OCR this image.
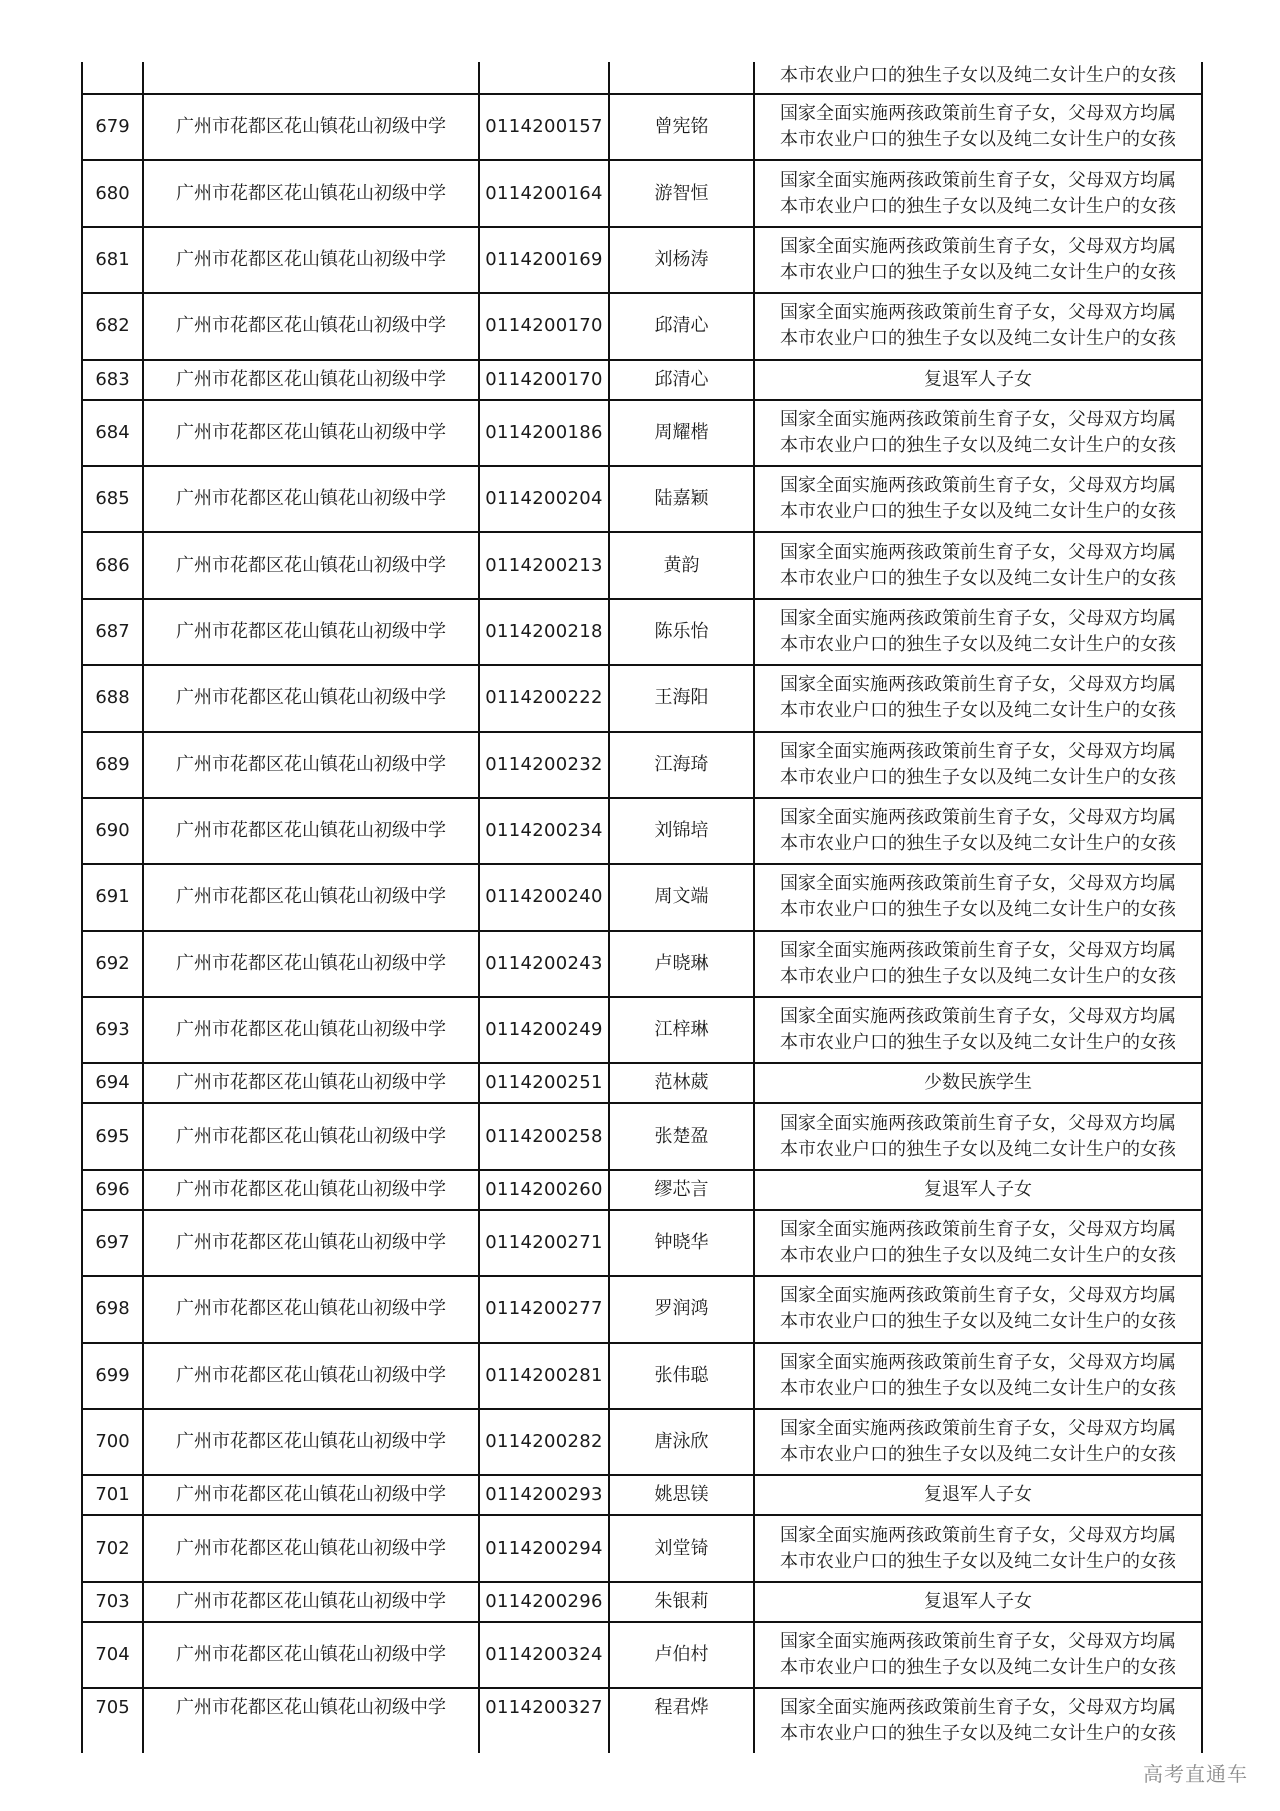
本市农业户口的独生子女以及纯二女计生户的女孩
679	广州市花都区花山镇花山初级中学 0114200157	曾宪铭
国家全面实施两孩政策前生育子女，父母双方均属
本市农业户口的独生子女以及纯二女计生户的女孩
680	广州市花都区花山镇花山初级中学 0114200164	游智恒
国家全面实施两孩政策前生育子女，父母双方均属
本市农业户口的独生子女以及纯二女计生户的女孩
681	广州市花都区花山镇花山初级中学 0114200169	刘杨涛
国家全面实施两孩政策前生育子女，父母双方均属
本市农业户口的独生子女以及纯二女计生户的女孩
682	广州市花都区花山镇花山初级中学 0114200170	邱清心
国家全面实施两孩政策前生育子女，父母双方均属
本市农业户口的独生子女以及纯二女计生户的女孩
683	广州市花都区花山镇花山初级中学 0114200170	邱清心	复退军人子女
684	广州市花都区花山镇花山初级中学 0114200186	周耀楷
国家全面实施两孩政策前生育子女，父母双方均属
本市农业户口的独生子女以及纯二女计生户的女孩
685	广州市花都区花山镇花山初级中学 0114200204	陆嘉颖
国家全面实施两孩政策前生育子女，父母双方均属
本市农业户口的独生子女以及纯二女计生户的女孩
686	广州市花都区花山镇花山初级中学 0114200213	黄韵
国家全面实施两孩政策前生育子女，父母双方均属
本市农业户口的独生子女以及纯二女计生户的女孩
687	广州市花都区花山镇花山初级中学 0114200218	陈乐怡
国家全面实施两孩政策前生育子女，父母双方均属
本市农业户口的独生子女以及纯二女计生户的女孩
688	广州市花都区花山镇花山初级中学 0114200222	王海阳
国家全面实施两孩政策前生育子女，父母双方均属
本市农业户口的独生子女以及纯二女计生户的女孩
689	广州市花都区花山镇花山初级中学 0114200232	江海琦
国家全面实施两孩政策前生育子女，父母双方均属
本市农业户口的独生子女以及纯二女计生户的女孩
690	广州市花都区花山镇花山初级中学 0114200234	刘锦培
国家全面实施两孩政策前生育子女，父母双方均属
本市农业户口的独生子女以及纯二女计生户的女孩
691	广州市花都区花山镇花山初级中学 0114200240	周文端
国家全面实施两孩政策前生育子女，父母双方均属
本市农业户口的独生子女以及纯二女计生户的女孩
692	广州市花都区花山镇花山初级中学 0114200243	卢晓琳
国家全面实施两孩政策前生育子女，父母双方均属
本市农业户口的独生子女以及纯二女计生户的女孩
693	广州市花都区花山镇花山初级中学 0114200249	江梓琳
国家全面实施两孩政策前生育子女，父母双方均属
本市农业户口的独生子女以及纯二女计生户的女孩
694	广州市花都区花山镇花山初级中学 0114200251	范林葳	少数民族学生
695	广州市花都区花山镇花山初级中学 0114200258	张楚盈
国家全面实施两孩政策前生育子女，父母双方均属
本市农业户口的独生子女以及纯二女计生户的女孩
696	广州市花都区花山镇花山初级中学 0114200260	缪芯言	复退军人子女
697	广州市花都区花山镇花山初级中学 0114200271	钟晓华
国家全面实施两孩政策前生育子女，父母双方均属
本市农业户口的独生子女以及纯二女计生户的女孩
698	广州市花都区花山镇花山初级中学 0114200277	罗润鸿
国家全面实施两孩政策前生育子女，父母双方均属
本市农业户口的独生子女以及纯二女计生户的女孩
699	广州市花都区花山镇花山初级中学 0114200281	张伟聪
国家全面实施两孩政策前生育子女，父母双方均属
本市农业户口的独生子女以及纯二女计生户的女孩
700	广州市花都区花山镇花山初级中学 0114200282	唐泳欣
国家全面实施两孩政策前生育子女，父母双方均属
本市农业户口的独生子女以及纯二女计生户的女孩
701	广州市花都区花山镇花山初级中学 0114200293	姚思镁	复退军人子女
702	广州市花都区花山镇花山初级中学 0114200294	刘堂锜
国家全面实施两孩政策前生育子女，父母双方均属
本市农业户口的独生子女以及纯二女计生户的女孩
703	广州市花都区花山镇花山初级中学 0114200296	朱银莉	复退军人子女
704	广州市花都区花山镇花山初级中学 0114200324	卢伯村
国家全面实施两孩政策前生育子女，父母双方均属
本市农业户口的独生子女以及纯二女计生户的女孩
705	广州市花都区花山镇花山初级中学 0114200327	程君烨	国家全面实施两孩政策前生育子女，父母双方均属
本市农业户口的独生子女以及纯二女计生户的女孩
高考直通车
